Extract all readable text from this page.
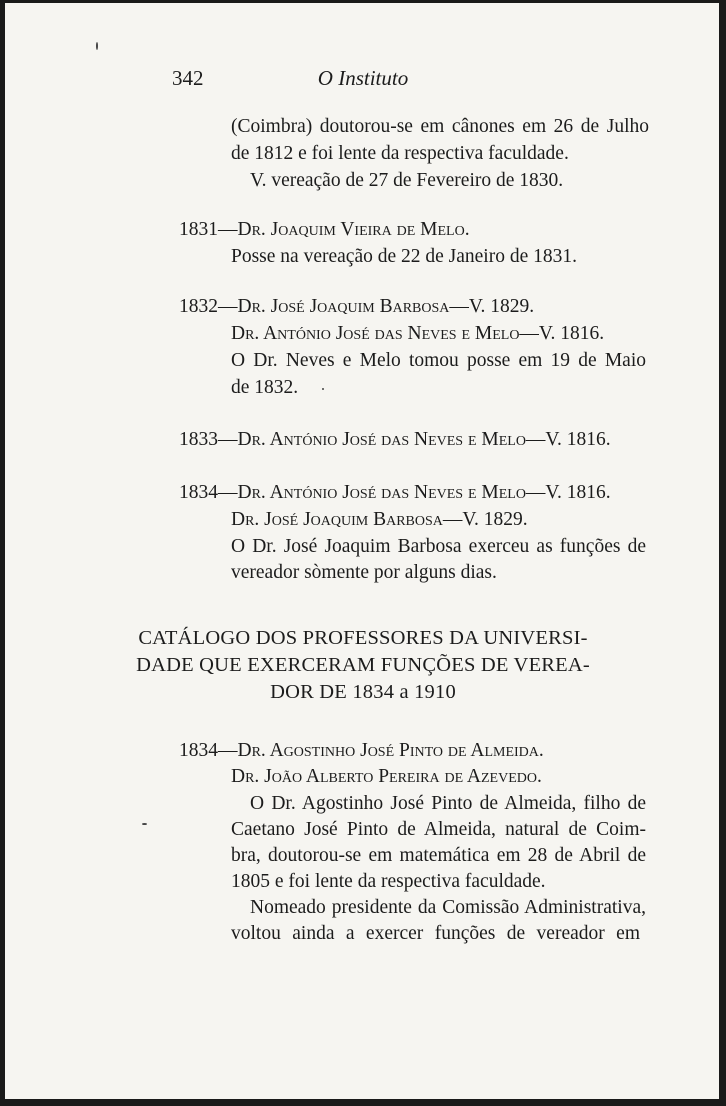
342	O Instituto
(Coimbra) doutorou-se em cânones em 26 de Julho
de 1812 e foi lente da respectiva faculdade.
V. vereação de 27 de Fevereiro de 1830.
1831—Dr. Joaquim Vieira de Melo.
Posse na vereação de 22 de Janeiro de 1831.
1832—Dr. José Joaquim Barbosa—V. 1829.
Dr. António José das Neves e Melo—V. 1816.
O Dr. Neves e Melo tomou posse em 19 de Maio
de 1832.
1833—Dr. António José das Neves e Melo—V. 1816.
1834—Dr. António José das Neves e Melo—V. 1816.
Dr. José Joaquim Barbosa—V. 1829.
O Dr. José Joaquim Barbosa exerceu as funções de
vereador sòmente por alguns dias.
CATÁLOGO DOS PROFESSORES DA UNIVERSI-
DADE QUE EXERCERAM FUNÇÕES DE VEREA-
DOR DE 1834 a 1910
1834—Dr. Agostinho José Pinto de Almeida.
Dr. João Alberto Pereira de Azevedo.
O Dr. Agostinho José Pinto de Almeida, filho de
Caetano José Pinto de Almeida, natural de Coim-
bra, doutorou-se em matemática em 28 de Abril de
1805 e foi lente da respectiva faculdade.
Nomeado presidente da Comissão Administrativa,
voltou ainda a exercer funções de vereador em
